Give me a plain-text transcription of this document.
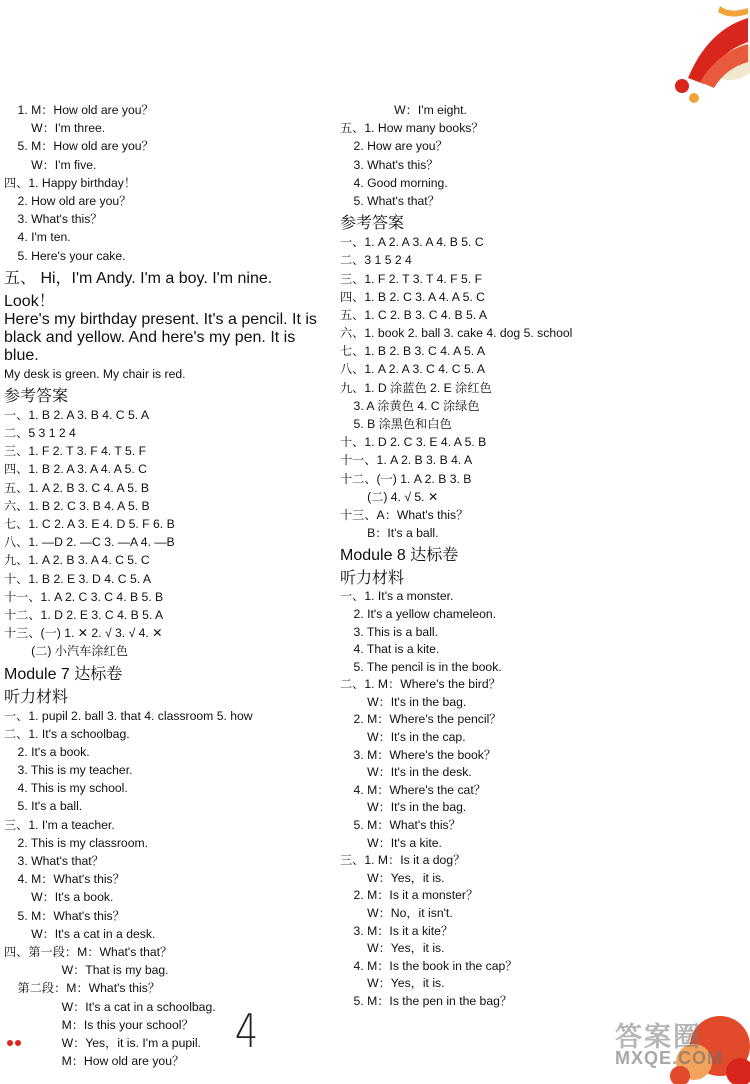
1. M：How old are you？
W：I'm three.
5. M：How old are you？
W：I'm five.
四、1. Happy birthday！
2. How old are you？
3. What's this？
4. I'm ten.
5. Here's your cake.
五、 Hi，I'm Andy. I'm a boy. I'm nine. Look！
Here's my birthday present. It's a pencil. It is
black and yellow. And here's my pen. It is blue.
My desk is green. My chair is red.
参考答案
一、1. B 2. A 3. B 4. C 5. A
二、5 3 1 2 4
三、1. F 2. T 3. F 4. T 5. F
四、1. B 2. A 3. A 4. A 5. C
五、1. A 2. B 3. C 4. A 5. B
六、1. B 2. C 3. B 4. A 5. B
七、1. C 2. A 3. E 4. D 5. F 6. B
八、1. —D 2. —C 3. —A 4. —B
九、1. A 2. B 3. A 4. C 5. C
十、1. B 2. E 3. D 4. C 5. A
十一、1. A 2. C 3. C 4. B 5. B
十二、1. D 2. E 3. C 4. B 5. A
十三、(一) 1. ✕ 2. √ 3. √ 4. ✕
(二) 小汽车涂红色
Module 7 达标卷
听力材料
一、1. pupil 2. ball 3. that 4. classroom 5. how
二、1. It's a schoolbag.
2. It's a book.
3. This is my teacher.
4. This is my school.
5. It's a ball.
三、1. I'm a teacher.
2. This is my classroom.
3. What's that？
4. M：What's this？
W：It's a book.
5. M：What's this？
W：It's a cat in a desk.
四、第一段：M：What's that？
W：That is my bag.
第二段：M：What's this？
W：It's a cat in a schoolbag.
M：Is this your school？
W：Yes，it is. I'm a pupil.
M：How old are you？
W：I'm eight.
五、1. How many books？
2. How are you？
3. What's this？
4. Good morning.
5. What's that？
参考答案
一、1. A 2. A 3. A 4. B 5. C
二、3 1 5 2 4
三、1. F 2. T 3. T 4. F 5. F
四、1. B 2. C 3. A 4. A 5. C
五、1. C 2. B 3. C 4. B 5. A
六、1. book 2. ball 3. cake 4. dog 5. school
七、1. B 2. B 3. C 4. A 5. A
八、1. A 2. A 3. C 4. C 5. A
九、1. D 涂蓝色 2. E 涂红色
3. A 涂黄色 4. C 涂绿色
5. B 涂黑色和白色
十、1. D 2. C 3. E 4. A 5. B
十一、1. A 2. B 3. B 4. A
十二、(一) 1. A 2. B 3. B
(二) 4. √ 5. ✕
十三、A：What's this？
B：It's a ball.
Module 8 达标卷
听力材料
一、1. It's a monster.
2. It's a yellow chameleon.
3. This is a ball.
4. That is a kite.
5. The pencil is in the book.
二、1. M：Where's the bird？
W：It's in the bag.
2. M：Where's the pencil？
W：It's in the cap.
3. M：Where's the book？
W：It's in the desk.
4. M：Where's the cat？
W：It's in the bag.
5. M：What's this？
W：It's a kite.
三、1. M：Is it a dog？
W：Yes，it is.
2. M：Is it a monster？
W：No，it isn't.
3. M：Is it a kite？
W：Yes，it is.
4. M：Is the book in the cap？
W：Yes，it is.
5. M：Is the pen in the bag？
4	答案圈
MXQE.COM
